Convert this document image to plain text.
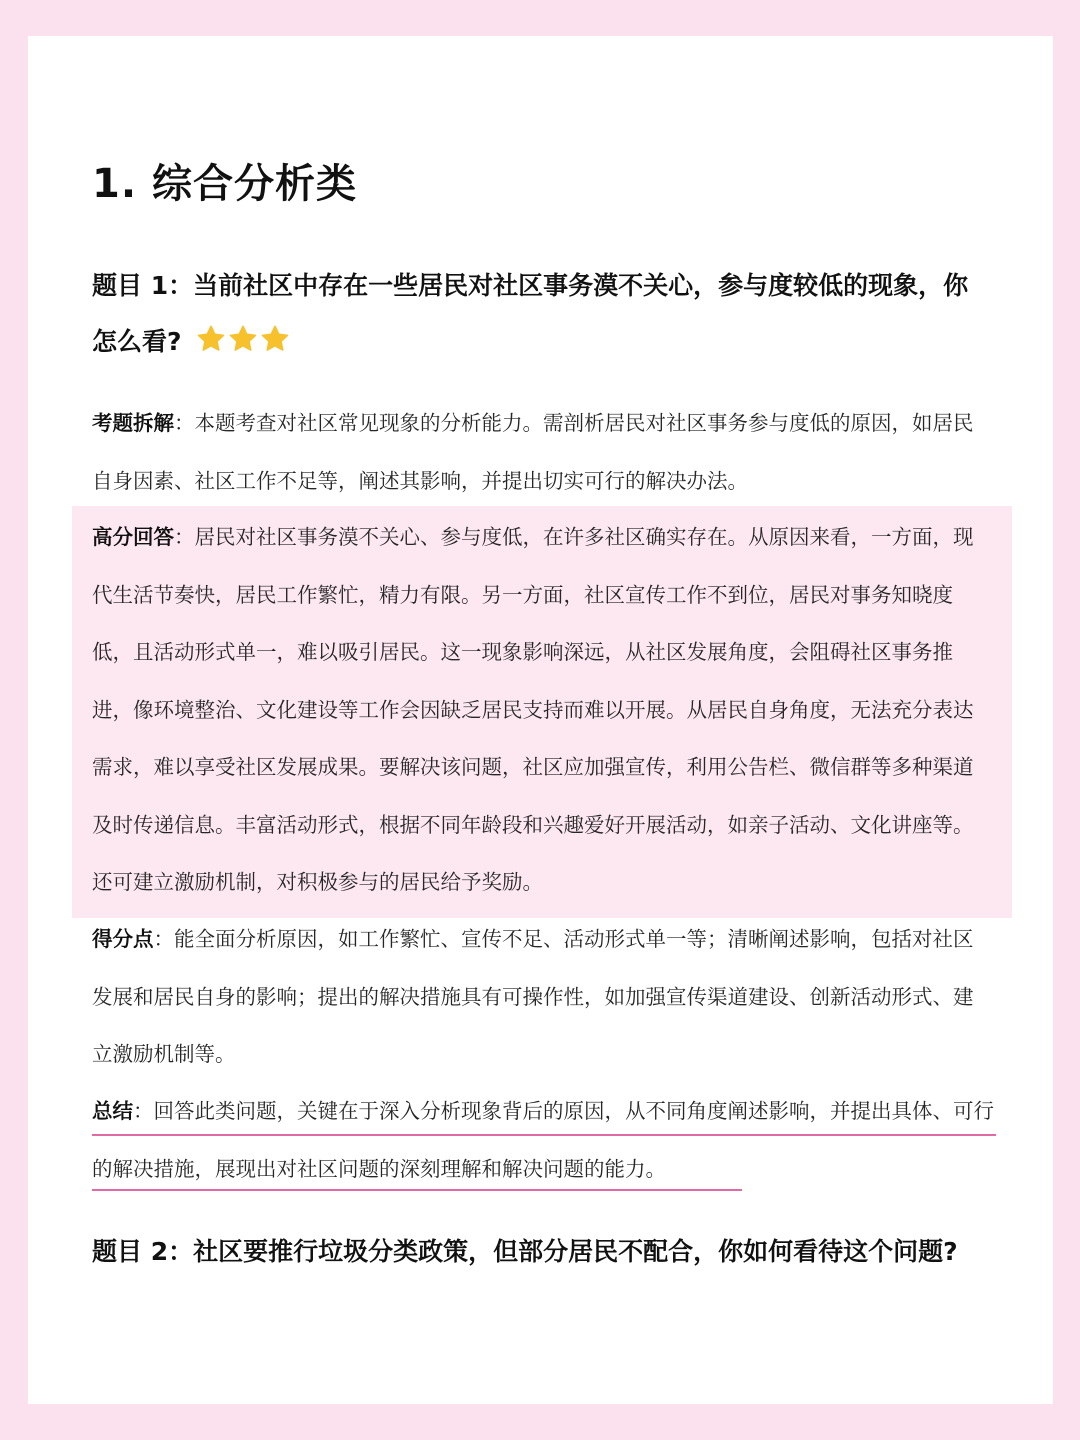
1. 综合分析类

题目 1：当前社区中存在一些居民对社区事务漠不关心，参与度较低的现象，你怎么看?

考题拆解：本题考查对社区常见现象的分析能力。需剖析居民对社区事务参与度低的原因，如居民自身因素、社区工作不足等，阐述其影响，并提出切实可行的解决办法。

高分回答：居民对社区事务漠不关心、参与度低，在许多社区确实存在。从原因来看，一方面，现代生活节奏快，居民工作繁忙，精力有限。另一方面，社区宣传工作不到位，居民对事务知晓度低，且活动形式单一，难以吸引居民。这一现象影响深远，从社区发展角度，会阻碍社区事务推进，像环境整治、文化建设等工作会因缺乏居民支持而难以开展。从居民自身角度，无法充分表达需求，难以享受社区发展成果。要解决该问题，社区应加强宣传，利用公告栏、微信群等多种渠道及时传递信息。丰富活动形式，根据不同年龄段和兴趣爱好开展活动，如亲子活动、文化讲座等。还可建立激励机制，对积极参与的居民给予奖励。

得分点：能全面分析原因，如工作繁忙、宣传不足、活动形式单一等；清晰阐述影响，包括对社区发展和居民自身的影响；提出的解决措施具有可操作性，如加强宣传渠道建设、创新活动形式、建立激励机制等。

总结：回答此类问题，关键在于深入分析现象背后的原因，从不同角度阐述影响，并提出具体、可行的解决措施，展现出对社区问题的深刻理解和解决问题的能力。

题目 2：社区要推行垃圾分类政策，但部分居民不配合，你如何看待这个问题?
